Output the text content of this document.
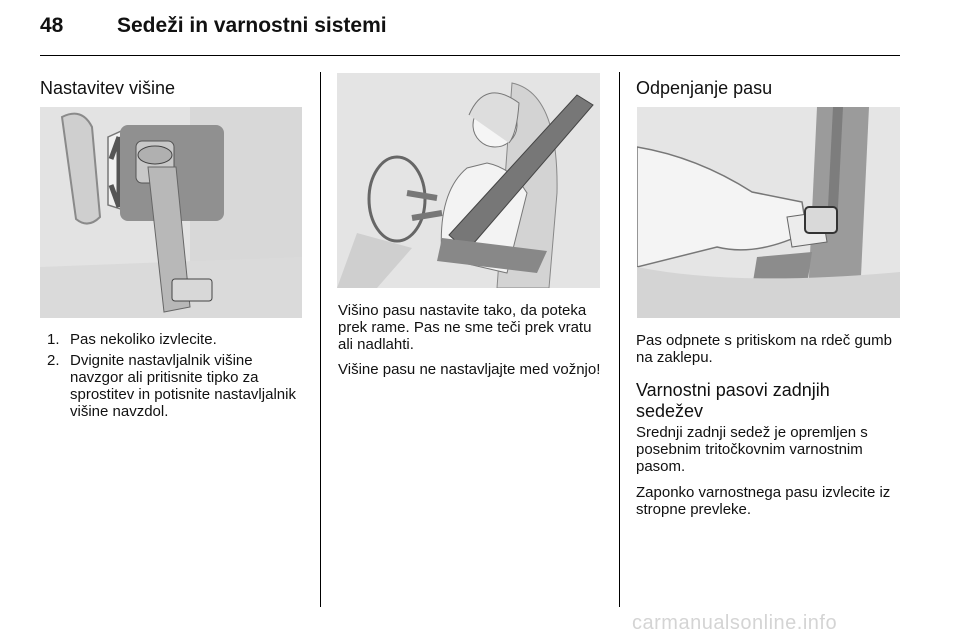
48	Sedeži in varnostni sistemi
Nastavitev višine
1. Pas nekoliko izvlecite.
2. Dvignite nastavljalnik višine navzgor ali pritisnite tipko za sprostitev in potisnite nastavljalnik višine navzdol.

Višino pasu nastavite tako, da poteka prek rame. Pas ne sme teči prek vratu ali nadlahti.

Višine pasu ne nastavljajte med vožnjo!

Odpenjanje pasu

Pas odpnete s pritiskom na rdeč gumb na zaklepu.

Varnostni pasovi zadnjih sedežev

Srednji zadnji sedež je opremljen s posebnim tritočkovnim varnostnim pasom.

Zaponko varnostnega pasu izvlecite iz stropne prevleke.

carmanualsonline.info
